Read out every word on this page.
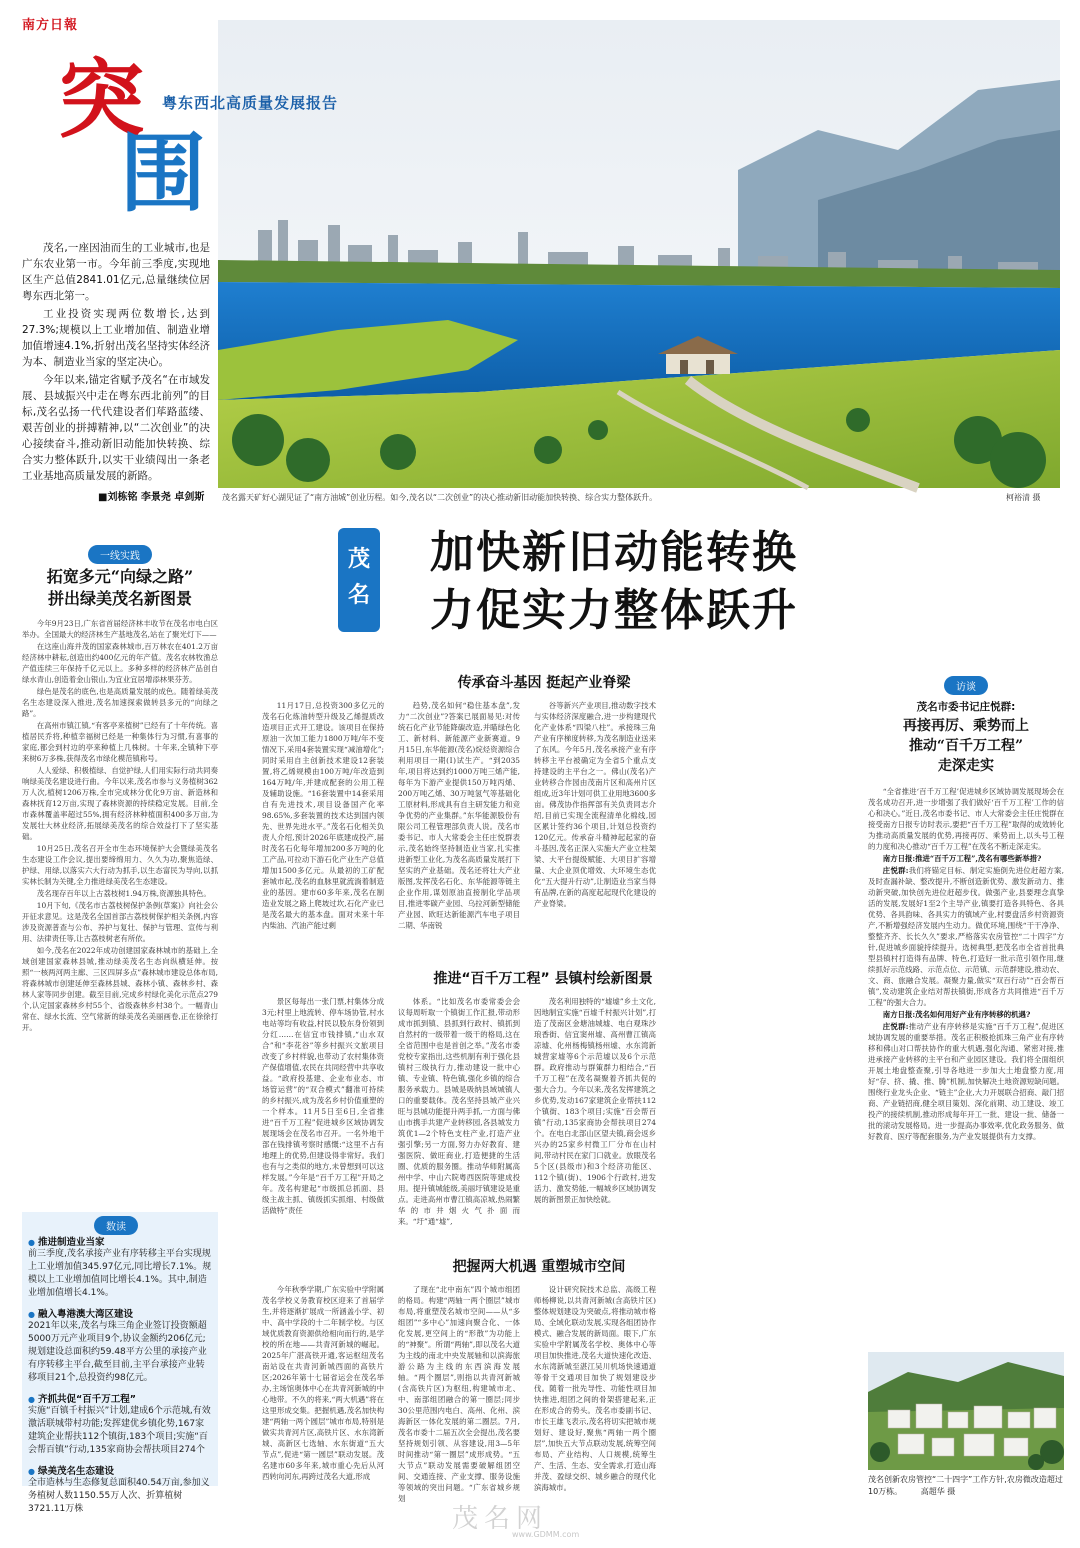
南方日報
突
围
粤东西北高质量发展报告
茂名露天矿好心湖见证了“南方油城”创业历程。如今,茂名以“二次创业”的决心推动新旧动能加快转换、综合实力整体跃升。	柯裕清 摄

茂名,一座因油而生的工业城市,也是广东农业第一市。今年前三季度,实现地区生产总值2841.01亿元,总量继续位居粤东西北第一。

工业投资实现两位数增长,达到27.3%;规模以上工业增加值、制造业增加值增速4.1%,折射出茂名坚持实体经济为本、制造业当家的坚定决心。

今年以来,锚定省赋予茂名“在市域发展、县域振兴中走在粤东西北前列”的目标,茂名弘扬一代代建设者们荜路蓝缕、艰苦创业的拼搏精神,以“二次创业”的决心接续奋斗,推动新旧动能加快转换、综合实力整体跃升,以实干业绩闯出一条老工业基地高质量发展的新路。

■刘栋铭 李景尧 卓剑斯
一线实践
拓宽多元“向绿之路”
拼出绿美茂名新图景

今年9月23日,广东省首届经济林丰收节在茂名市电白区举办。全国最大的经济林生产基地茂名,站在了聚光灯下——

在这座山海并茂的国家森林城市,百万林农在401.2万亩经济林中耕耘,创造出约400亿元的年产值。茂名农林牧渔总产值连续三年保持千亿元以上。多种多样的经济林产品创自绿水青山,创造着金山银山,为宜业宜居增添林果芬芳。

绿色是茂名的底色,也是高质量发展的成色。随着绿美茂名生态建设深入推进,茂名加速探索做转县多元的“向绿之路”。

在高州市镇江镇,“有客亭来植树”已经有了十年传统。喜植居民乔将,种植幸福树已经是一种集体行为习惯,有喜事的家庭,都会到村边的亭来种植上几株树。十年来,全镇种下亭来树6万多株,获得茂名市绿化模范镇称号。

人人爱绿、积极植绿、自觉护绿,人们用实际行动共同奏响绿美茂名建设进行曲。今年以来,茂名市参与义务植树362万人次,植树1206万株,全市完成林分优化9万亩、新造林和森林抚育12万亩,实现了森林资源的持续稳定发展。目前,全市森林覆盖率超过55%,拥有经济林种植面积400多万亩,为发展壮大林业经济,拓展绿美茂名的综合效益打下了坚实基础。

10月25日,茂名召开全市生态环境保护大会暨绿美茂名生态建设工作会议,提出要缔绵用力、久久为功,聚焦造绿、护绿、用绿,以落实六大行动为抓手,以生态富民为导向,以抓实林长制为关键,全力推进绿美茂名生态建设。

茂名现存百年以上古荔枝树1.94万株,资源独具特色。

10月下旬,《茂名市古荔枝树保护条例(草案)》向社会公开征求意见。这是茂名全国首部古荔枝树保护相关条例,内容涉及资源普查与公布、养护与复壮、保护与管理、宣传与利用、法律责任等,让古荔枝树老有所依。

如今,茂名在2022年成功创建国家森林城市的基础上,全域创建国家森林县城,推动绿美茂名生态向纵横延伸。按照“一核两河两主廊、三区四屏多点”森林城市建设总体布局,将森林城市创建延伸至森林县城、森林小镇、森林乡村、森林人家等同步创建。截至目前,完成乡村绿化美化示范点279个,认定国家森林乡村55个、省级森林乡村38个。一幅青山常在、绿水长流、空气常新的绿美茂名美丽画卷,正在徐徐打开。

数读
● 推进制造业当家
前三季度,茂名承接产业有序转移主平台实现规上工业增加值345.97亿元,同比增长7.1%。规模以上工业增加值同比增长4.1%。其中,制造业增加值增长4.1%。
● 融入粤港澳大湾区建设
2021年以来,茂名与珠三角企业签订投资额超5000万元产业项目9个,协议金额约206亿元;规划建设总面积约59.48平方公里的承接产业有序转移主平台,截至目前,主平台承接产业转移项目21个,总投资约98亿元。
● 齐抓共促“百千万工程”
实施“百镇千村振兴”计划,建成6个示范城,有效激活联城带村功能;发挥建优乡镇化势,167家建筑企业帮扶112个镇街,183个项目;实施“百会帮百镇”行动,135家商协会帮扶项目274个
● 绿美茂名生态建设
全市造林与生态修复总面积40.54万亩,参加义务植树人数1150.55万人次、折算植树3721.11万株
茂名
加快新旧动能转换
力促实力整体跃升
传承奋斗基因 挺起产业脊梁

11月17日,总投资300多亿元的茂名石化炼油转型升级及乙烯提质改造项目正式开工建设。该项目在保持原油一次加工能力1800万吨/年不变情况下,采用4套装置实现“减油增化”;同时采用自主创新技术建设12套装置,将乙烯规模由100万吨/年改造到164万吨/年,并建成配套的公用工程及辅助设施。“16套装置中14套采用自有先进技术,项目设备国产化率98.65%,多套装置的技术达到国内领先、世界先进水平。”茂名石化相关负责人介绍,预计2026年底建成投产,届时茂名石化每年增加200多万吨的化工产品,可拉动下游石化产业生产总值增加1500多亿元。从最初的工矿配套城市起,茂名的血脉里就流淌着制造业的基因。建市60多年来,茂名在制造业发展之路上爬坡过坎,石化产业已是茂名最大的基本盘。面对未来十年内柴油、汽油产能过剩

趋势,茂名如何“稳住基本盘”,发力“二次创业”?答案已展面易见:对传统石化产业节能降碳改造,并瞄绿色化工、新材料、新能源产业新赛道。9月15日,东华能源(茂名)烷烃资源综合利用项目一期(Ⅰ)试生产。“到2035年,项目将达到约1000万吨三烯产能,每年为下游产业提供150万吨丙烯、200万吨乙烯、30万吨氢气等基础化工原材料,形成具有自主研发能力和竞争优势的产业集群。”东华能源股份有限公司工程管理部负责人说。茂名市委书记、市人大常委会主任庄悦群表示,茂名始终坚持制造业当家,扎实推进新型工业化,为茂名高质量发展打下坚实的产业基础。茂名还将壮大产业版图,发挥茂名石化、东华能源等链主企业作用,谋划原油直接制化学品项目,推进零碳产业园、乌拉河新型储能产业园、欧旺达新能源汽车电子项目二期、华南锐

谷等新兴产业项目,推动数字技术与实体经济深度融合,进一步构建现代化产业体系“四梁八柱”。承接珠三角产业有序梯度转移,为茂名制造业送来了东风。今年5月,茂名承接产业有序转移主平台被确定为全省5个重点支持建设的主平台之一。佛山(茂名)产业转移合作园由茂南片区和高州片区组成,近3年计划可供工业用地3600多亩。佛茂协作指挥部有关负责同志介绍,目前已实现全流程清单化棉线,园区累计签约36个项目,计划总投资约120亿元。传承奋斗精神起起家的奋斗基因,茂名正深入实施大产业立柱架梁、大平台提级赋能、大项目扩容增量、大企业顶优增效、大环境生态优化“五大提升行动”,让制造业当家当得有品牌,在新的高度起起现代化建设的产业脊梁。

推进“百千万工程” 县镇村绘新图景

景区每每出一张门票,村集体分成3元;村里上地流转、停车场协管,村水电站等均有收益,村民以股东身份领到分红……在信宜市钱排镇,“山水双合”和“李花谷”等乡村振兴文旅项目改变了乡村样貌,也带动了农村集体资产保值增值,农民在共同经营中共享收益。“政府投基建、企业布业态、市场管运营”的“双合模式”翻准可持续的乡村振兴,成为茂名乡村价值重塑的一个样本。11月5日至6日,全省推进“百千万工程”促进城乡区域协调发展现场会在茂名市召开。一名外地干部在钱排镇考察时感慨:“这里不占有地理上的优势,但建设得非常好。我们也有与之类似的地方,未曾想到可以这样发展。”今年是“百千万工程”开局之年。茂名构建起“市级抓总抓面、县级主战主抓、镇级抓实抓细、村级做活做特”责任

体系。“比如茂名市委常委会会议每周听取一个镇街工作汇报,带动形成市抓到镇、县抓到行政村、镇抓到自然村的一级带着一级干的格局,这在全省范围中也是首创之举。”茂名市委党校专家指出,这些机制有利于强化县镇村三级执行力,推动建设一批中心镇、专业镇、特色镇,强化乡镇的综合服务承载力。县城是吸纳县域城镇人口的重要载体。茂名坚持县城产业兴旺与县城功能提升两手抓,一方面与佛山市携手共建产业转移园,各县城发力筑优1—2个特色支柱产业,打造产业强引擎;另一方面,努力办好教育、建强医院、做旺商业,打造便捷的生活圈、优质的服务圈。推动华师附属高州中学、中山六院粤西医院等建成投用。提升镇城能级,美丽圩镇建设是重点。走进高州市曹江镇高凉城,热闹繁华的市井烟火气扑面而来。“圩”通“墟”,

茂名利用独特的“墟墟”乡土文化,因地制宜实施“百墟千村振兴计划”,打造了茂南区金塘油城墟、电白观珠沙琅香街、信宜窦州墟、高州曹江镇高凉墟、化州杨梅镇杨州墟、水东湾新城营家墟等6个示范墟以及6个示范群。政府推动与群策群力相结合,“百千万工程”在茂名凝聚着齐抓共促的强大合力。今年以来,茂名发挥建筑之乡优势,发动167家建筑企业帮扶112个镇街、183个项目;实施“百会帮百镇”行动,135家商协会帮扶项目274个。在电白北部山区望夫镇,商会返乡兴办的25家乡村微工厂分布在山村间,带动村民在家门口就业。放眼茂名5个区(县级市)和3个经济功能区、112个镇(街)、1906个行政村,进发活力、激发势能,一幅城乡区域协调发展的新图景正加快绘就。

把握两大机遇 重塑城市空间

今年秋季学期,广东实验中学附属茂名学校义务教育校区迎来了首届学生,并将逐渐扩展成一所涵盖小学、初中、高中学段的十二年制学校。与区域优质教育资源供给相向而行的,是学校的所在地——共青河新城的崛起。2025年广湛高铁开通,客运枢纽茂名南站设在共青河新城西面的高铁片区;2026年第十七届省运会在茂名举办,主场馆奥体中心在共青河新城的中心地带。不久的将来,“两大机遇”将在这里形成交集。把握机遇,茂名加快构建“两轴一两个圆层”城市布局,特别是做实共青河片区,高铁片区、水东湾新城、高新区七选轴、水东街道“五大节点”,促进“第一圆层”联动发展。茂名建市60多年来,城市重心先后从河西转向河东,再跨过茂名大道,形成

了现在“北中南东”四个城市组团的格局。构建“两轴一两个圈层”城市布局,将重塑茂名城市空间——从“多组团”“多中心”加速向聚合化、一体化发展,更空间上的“形散”为功能上的“神聚”。所谓“两轴”,即以茂名大道为主线的南北中央发展轴和以滨海旅游公路为主线的东西滨海发展轴。“两个圈层”,则指以共青河新城(含高铁片区)为枢纽,构建城市北、中、南部组团融合的第一圈层;同步30公里范围内电白、高州、化州、滨海新区一体化发展的第二圈层。7月,茂名市委十二届五次全会提出,茂名要坚持规划引领、从容建设,用3—5年时间推动“第一圈层”成形成势。“五大节点”联动发展需要破解组团空间、交通连接、产业支撑、服务设施等领域的突出问题。“广东省城乡规划

设计研究院技术总监、高级工程师杨柳说,以共青河新城(含高铁片区)整体规划建设为突破点,将推动城市格局、全域化联动发展,实现各组团协作模式、融合发展的新局面。眼下,广东实验中学附属茂名学校、奥体中心等项目加快推进,茂名大道快速化改造、水东湾新城至湛江吴川机场快速通道等骨干交通项目加快了规划建设步伐。随着一批先导性、功能性项目加快推进,组团之间的骨架搭建起来,正在形成合的势头。茂名市委副书记、市长王雄飞表示,茂名将切实把城市规划好、建设好,聚焦“两轴一两个圈层”,加快五大节点联动发展,统筹空间布局、产业结构、人口规模,统筹生产、生活、生态、安全需求,打造山海并茂、盈绿交织、城乡融合的现代化滨海城市。

访谈
茂名市委书记庄悦群:
再接再厉、乘势而上
推动“百千万工程”
走深走实

“全省推进‘百千万工程’促进城乡区域协调发展现场会在茂名成功召开,进一步增强了我们做好‘百千万工程’工作的信心和决心。”近日,茂名市委书记、市人大常委会主任庄悦群在接受南方日报专访时表示,要把“百千万工程”取得的成效转化为推动高质量发展的优势,再接再厉、乘势而上,以头号工程的力度和决心推动“百千万工程”在茂名不断走深走实。

南方日报:推进“百千万工程”,茂名有哪些新举措?

庄悦群:我们将锚定目标、制定实施倒先进位赶超方案,及时查漏补缺、整改提升,不断创造新优势、激发新动力、推动新突破,加快创先进位赶超步伐。做强产业,县要理念真挚活的发展,发展好1至2个主导产业,镇要打造各具特色、各具优势、各具韵味、各具实力的镇域产业,村要盘活乡村资源资产,不断增强经济发展内生动力。做优环境,围绕“干干净净、整整齐齐、长长久久”要求,严格落实农房管控“二十四字”方针,促进城乡面貌持续提升。选树典型,把茂名市全省首批典型县镇村打造得有品牌、特色,打造好一批示范引领作用,继续抓好示范线路、示范点位、示范镇、示范群建设,推动农、文、商、旅融合发展。凝聚力量,做实“双百行动”“百会帮百镇”,发动建筑企业结对帮扶镇街,形成各方共同推进“百千万工程”的强大合力。

南方日报:茂名如何用好产业有序转移的机遇?

庄悦群:推动产业有序转移是实施“百千万工程”,促进区域协调发展的重要举措。茂名正积极抢抓珠三角产业有序转移和佛山对口帮扶协作的重大机遇,强化沟通、紧密对接,推进承接产业转移的主平台和产业园区建设。我们将全面组织开展土地盘整查聚,引导各地进一步加大土地盘整力度,用好“存、挤、撬、推、腾”机制,加快解决土地资源短缺问题。围绕行业龙头企业、“链主”企业,大力开展联合招商、敲门招商、产业链招商,健全项目策划、深化前期、动工建设、竣工投产的接续机制,推动形成每年开工一批、建设一批、储备一批的滚动发展格局。进一步提高办事效率,优化政务服务、做好教育、医疗等配套服务,为产业发展提供有力支撑。

茂名创新农房管控“二十四字”工作方针,农房微改造超过10万栋。 高超华 摄
茂名网
www.GDMM.com
